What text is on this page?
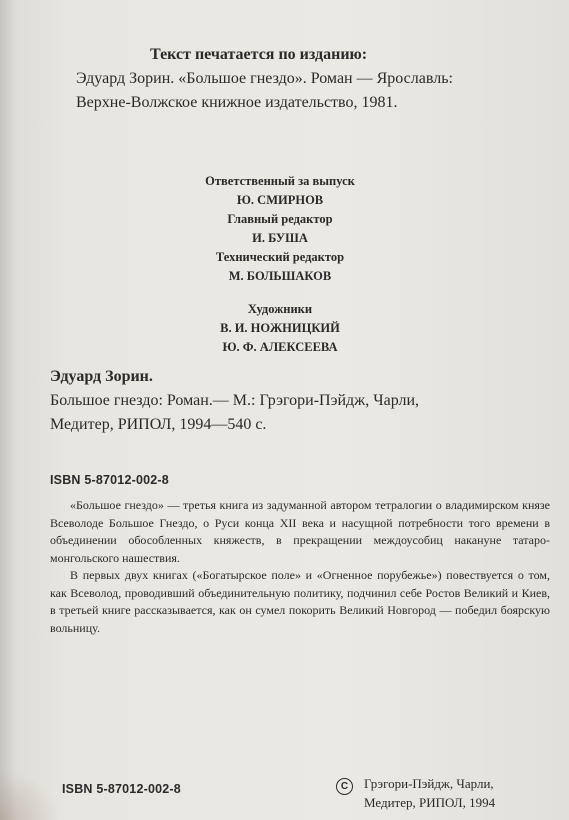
Текст печатается по изданию:

Эдуард Зорин. «Большое гнездо». Роман — Ярославль:

Верхне-Волжское книжное издательство, 1981.

Ответственный за выпуск
Ю. СМИРНОВ
Главный редактор
И. БУША
Технический редактор
М. БОЛЬШАКОВ
Художники
В. И. НОЖНИЦКИЙ
Ю. Ф. АЛЕКСЕЕВА

Эдуард Зорин.

Большое гнездо: Роман.— М.: Грэгори-Пэйдж, Чарли,

Медитер, РИПОЛ, 1994—540 с.

ISBN 5-87012-002-8

«Большое гнездо» — третья книга из задуманной автором тетралогии о владимирском князе Всеволоде Большое Гнездо, о Руси конца XII века и насущной потребности того времени в объединении обособленных княжеств, в прекращении междоусобиц накануне татаро-монгольского нашествия.
В первых двух книгах («Богатырское поле» и «Огненное порубежье») повествуется о том, как Всеволод, проводивший объединительную политику, подчинил себе Ростов Великий и Киев, в третьей книге рассказывается, как он сумел покорить Великий Новгород — победил боярскую вольницу.

ISBN 5-87012-002-8	C	Грэгори-Пэйдж, Чарли,
Медитер, РИПОЛ, 1994
